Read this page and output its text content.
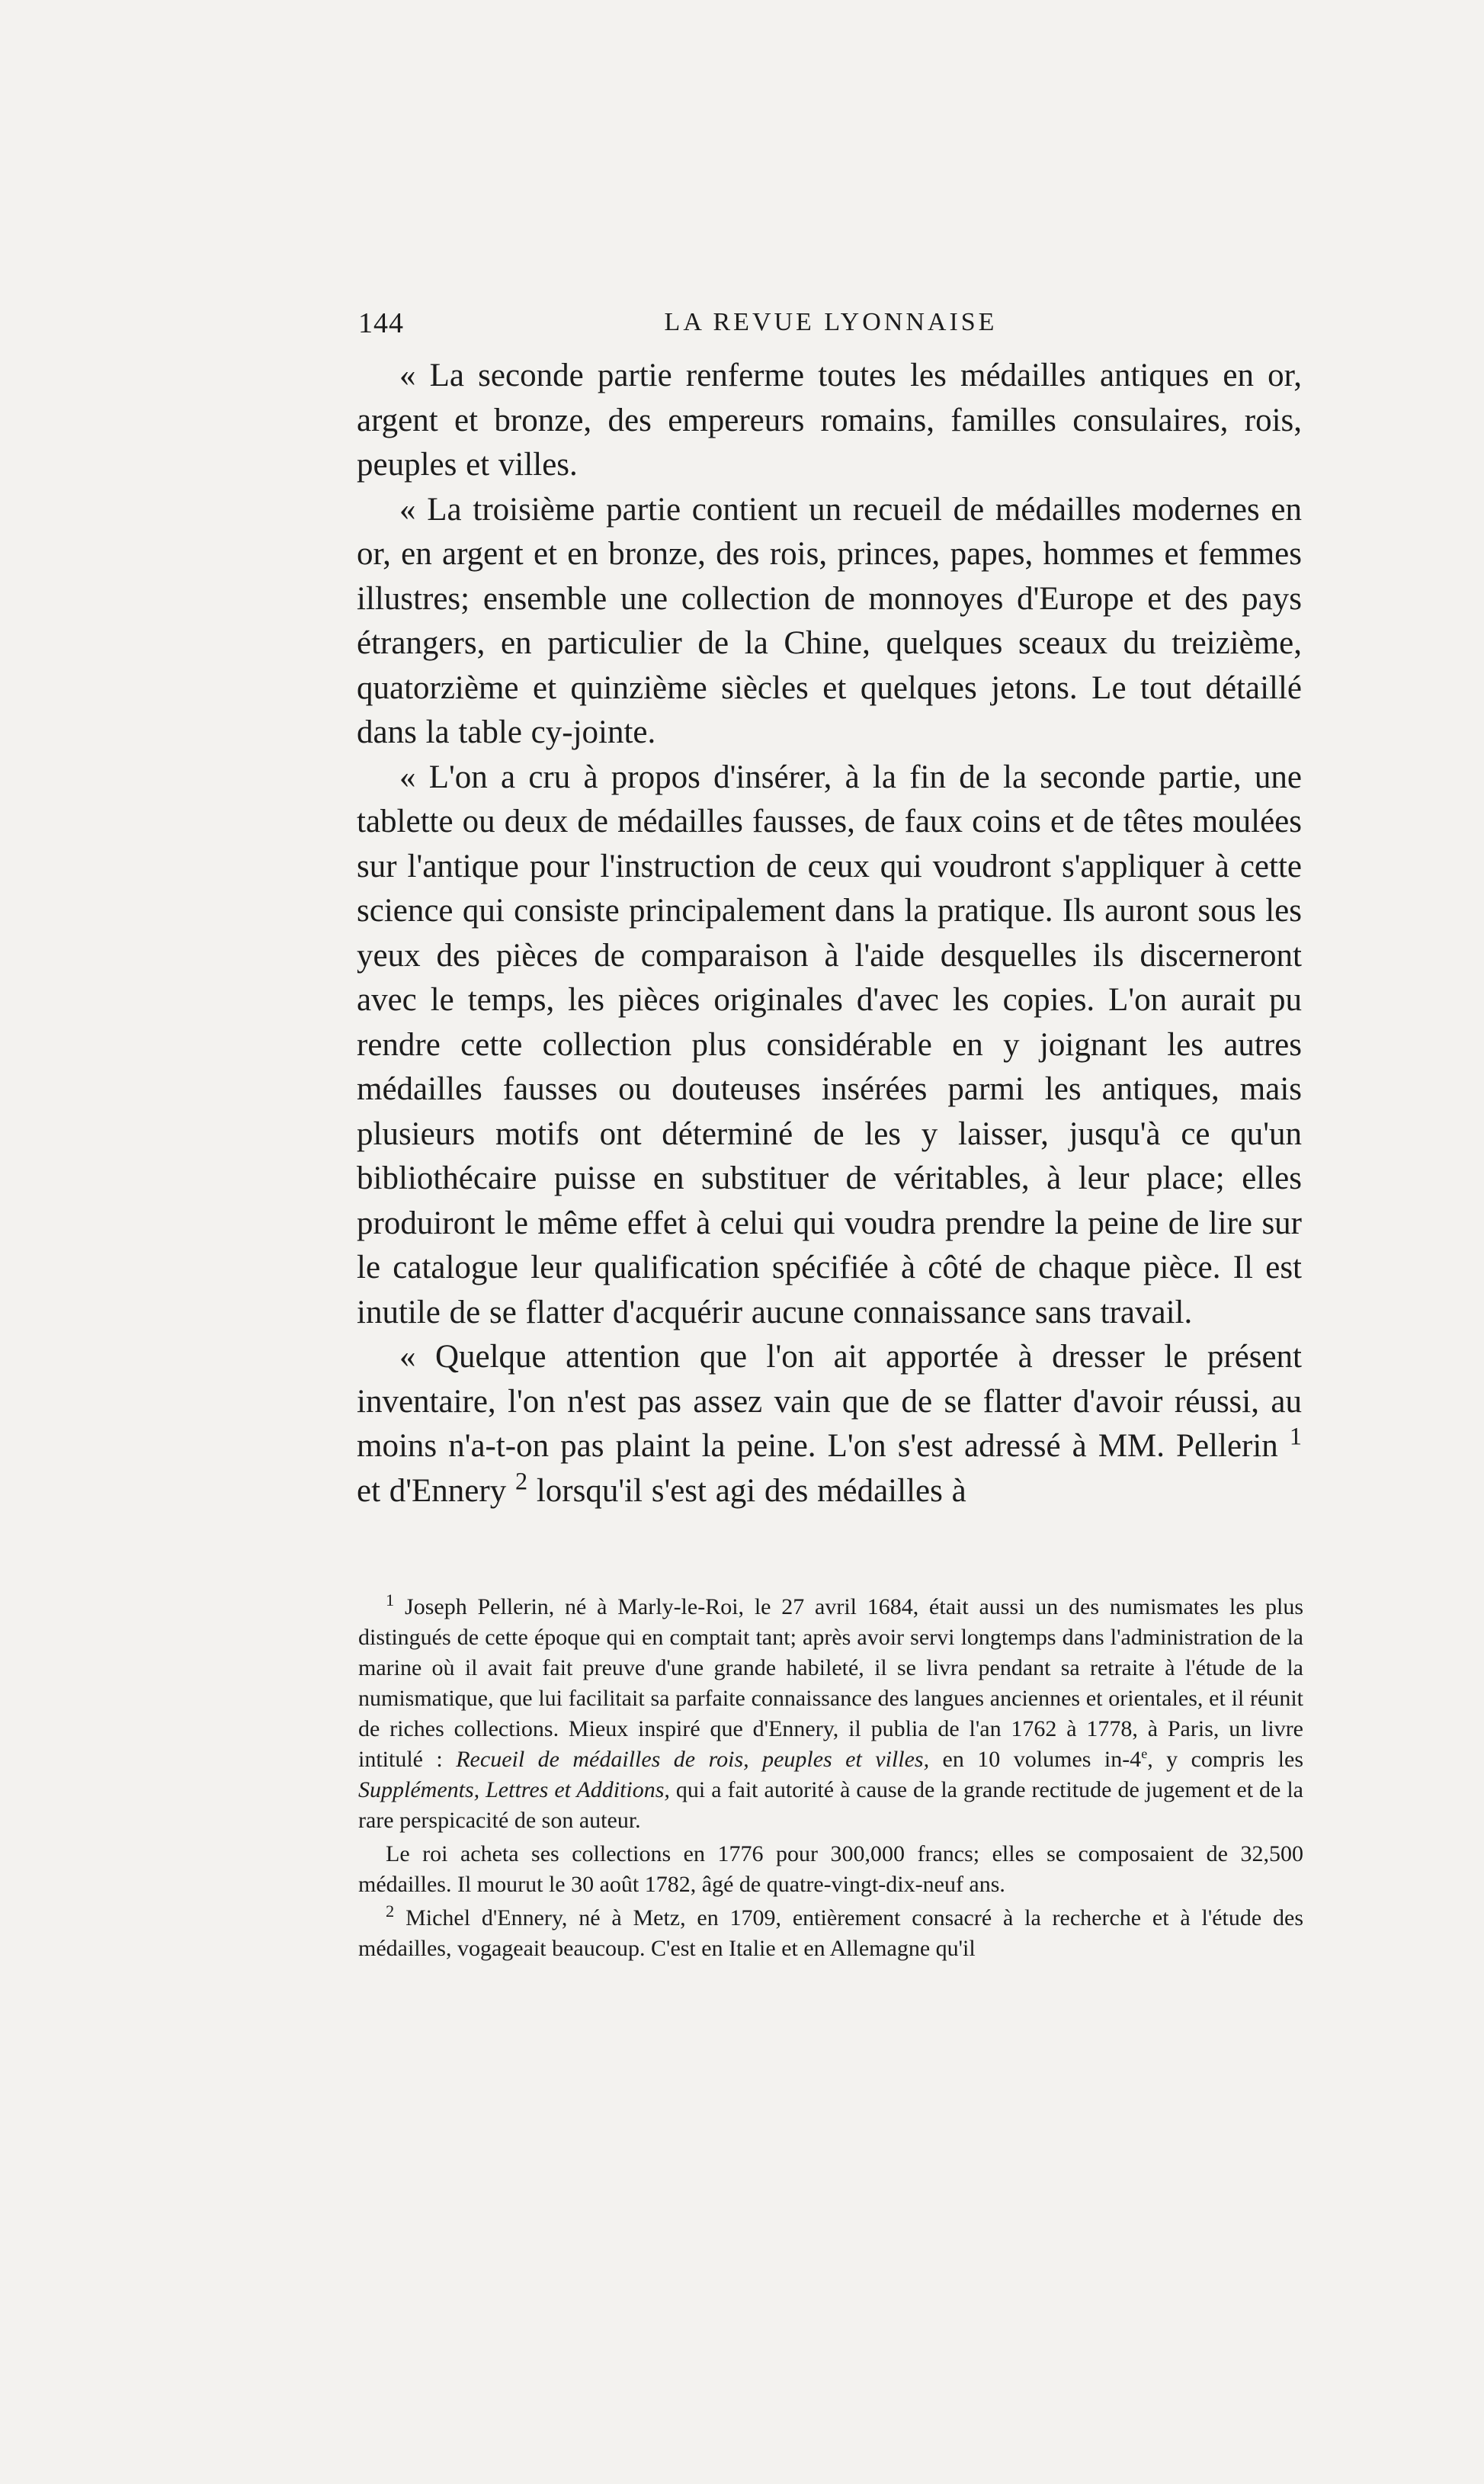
144	LA REVUE LYONNAISE

« La seconde partie renferme toutes les médailles antiques en or, argent et bronze, des empereurs romains, familles consulaires, rois, peuples et villes.

« La troisième partie contient un recueil de médailles modernes en or, en argent et en bronze, des rois, princes, papes, hommes et femmes illustres; ensemble une collection de monnoyes d'Europe et des pays étrangers, en particulier de la Chine, quelques sceaux du treizième, quatorzième et quinzième siècles et quelques jetons. Le tout détaillé dans la table cy-jointe.

« L'on a cru à propos d'insérer, à la fin de la seconde partie, une tablette ou deux de médailles fausses, de faux coins et de têtes moulées sur l'antique pour l'instruction de ceux qui voudront s'appliquer à cette science qui consiste principalement dans la pratique. Ils auront sous les yeux des pièces de comparaison à l'aide desquelles ils discerneront avec le temps, les pièces originales d'avec les copies. L'on aurait pu rendre cette collection plus considérable en y joignant les autres médailles fausses ou douteuses insérées parmi les antiques, mais plusieurs motifs ont déterminé de les y laisser, jusqu'à ce qu'un bibliothécaire puisse en substituer de véritables, à leur place; elles produiront le même effet à celui qui voudra prendre la peine de lire sur le catalogue leur qualification spécifiée à côté de chaque pièce. Il est inutile de se flatter d'acquérir aucune connaissance sans travail.

« Quelque attention que l'on ait apportée à dresser le présent inventaire, l'on n'est pas assez vain que de se flatter d'avoir réussi, au moins n'a-t-on pas plaint la peine. L'on s'est adressé à MM. Pellerin $^1$ et d'Ennery $^2$ lorsqu'il s'est agi des médailles à

$^1$ Joseph Pellerin, né à Marly-le-Roi, le 27 avril 1684, était aussi un des numismates les plus distingués de cette époque qui en comptait tant; après avoir servi longtemps dans l'administration de la marine où il avait fait preuve d'une grande habileté, il se livra pendant sa retraite à l'étude de la numismatique, que lui facilitait sa parfaite connaissance des langues anciennes et orientales, et il réunit de riches collections. Mieux inspiré que d'Ennery, il publia de l'an 1762 à 1778, à Paris, un livre intitulé : Recueil de médailles de rois, peuples et villes, en 10 volumes in-4e, y compris les Suppléments, Lettres et Additions, qui a fait autorité à cause de la grande rectitude de jugement et de la rare perspicacité de son auteur.

Le roi acheta ses collections en 1776 pour 300,000 francs; elles se composaient de 32,500 médailles. Il mourut le 30 août 1782, âgé de quatre-vingt-dix-neuf ans.

$^2$ Michel d'Ennery, né à Metz, en 1709, entièrement consacré à la recherche et à l'étude des médailles, vogageait beaucoup. C'est en Italie et en Allemagne qu'il
